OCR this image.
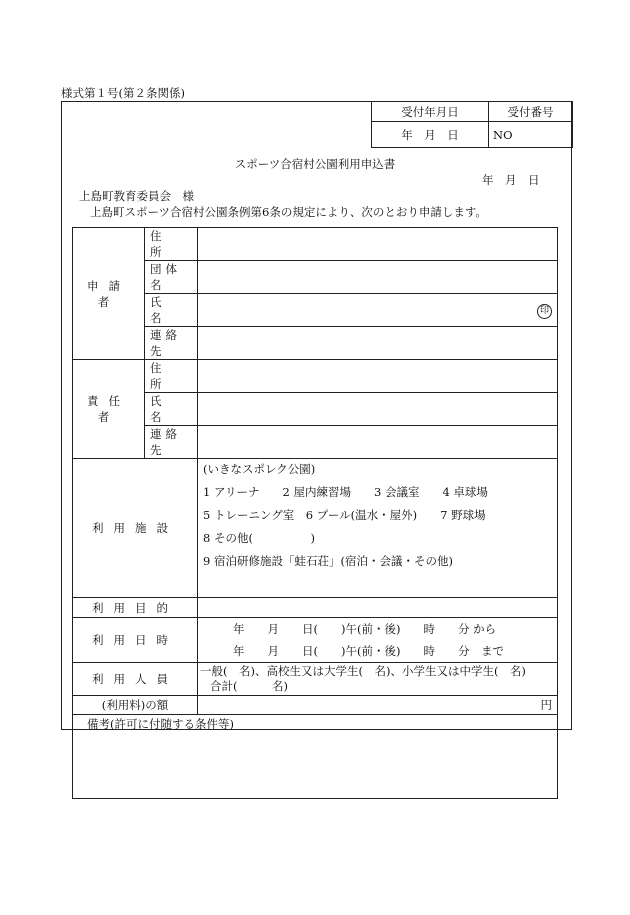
様式第１号(第２条関係)
受付年月日	受付番号
年　月　日	NO
スポーツ合宿村公園利用申込書
年　月　日
上島町教育委員会　様
上島町スポーツ合宿村公園条例第6条の規定により、次のとおり申請します。
申請者	住　所	
	団体名	
	氏　名	印
	連絡先	
責任者	住　所	
	氏　名	
	連絡先	
利用施設		(いきなスポレク公園)
1 アリーナ　　2 屋内練習場　　3 会議室　　4 卓球場
5 トレーニング室　6 プール(温水・屋外)　　7 野球場
8 その他(　　　　　)
9 宿泊研修施設「蛙石荘」(宿泊・会議・その他)

利用目的		
利用日時		年　　月　　日(　　)午(前・後)　　時　　分 から
年　　月　　日(　　)午(前・後)　　時　　分　まで

利用人員		一般(　名)、高校生又は大学生(　名)、小学生又は中学生(　名)
合計(　　　名)

(利用料)の額		円
備考(許可に付随する条件等)		
